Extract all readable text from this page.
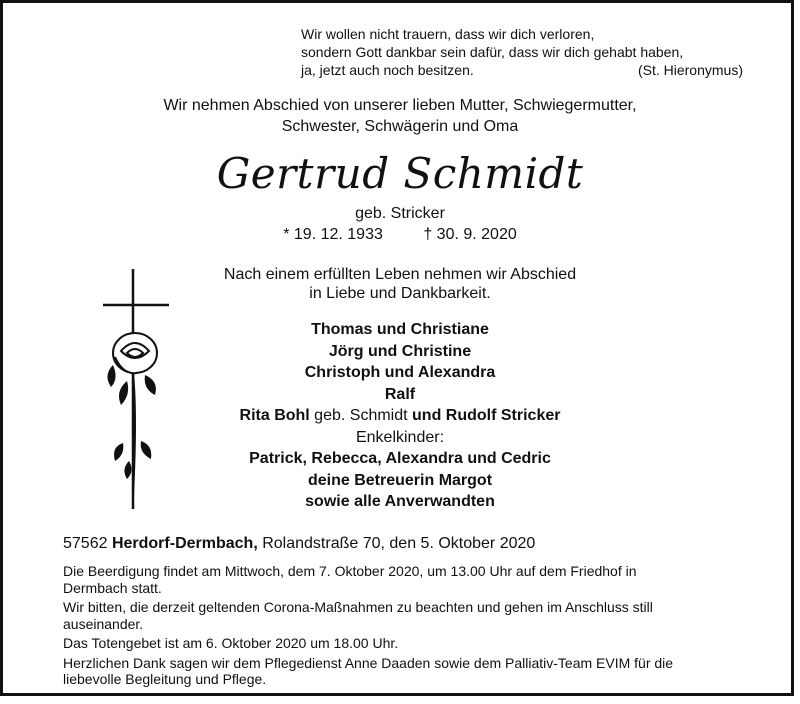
Wir wollen nicht trauern, dass wir dich verloren,
sondern Gott dankbar sein dafür, dass wir dich gehabt haben,
ja, jetzt auch noch besitzen.	(St. Hieronymus)
Wir nehmen Abschied von unserer lieben Mutter, Schwiegermutter,
Schwester, Schwägerin und Oma
Gertrud Schmidt
geb. Stricker
* 19. 12. 1933	† 30. 9. 2020
Nach einem erfüllten Leben nehmen wir Abschied
in Liebe und Dankbarkeit.
Thomas und Christiane
Jörg und Christine
Christoph und Alexandra
Ralf
Rita Bohl geb. Schmidt und Rudolf Stricker
Enkelkinder:
Patrick, Rebecca, Alexandra und Cedric
deine Betreuerin Margot
sowie alle Anverwandten
57562 Herdorf-Dermbach, Rolandstraße 70, den 5. Oktober 2020

Die Beerdigung findet am Mittwoch, dem 7. Oktober 2020, um 13.00 Uhr auf dem Friedhof in Dermbach statt.

Wir bitten, die derzeit geltenden Corona-Maßnahmen zu beachten und gehen im Anschluss still auseinander.

Das Totengebet ist am 6. Oktober 2020 um 18.00 Uhr.

Herzlichen Dank sagen wir dem Pflegedienst Anne Daaden sowie dem Palliativ-Team EVIM für die liebevolle Begleitung und Pflege.
